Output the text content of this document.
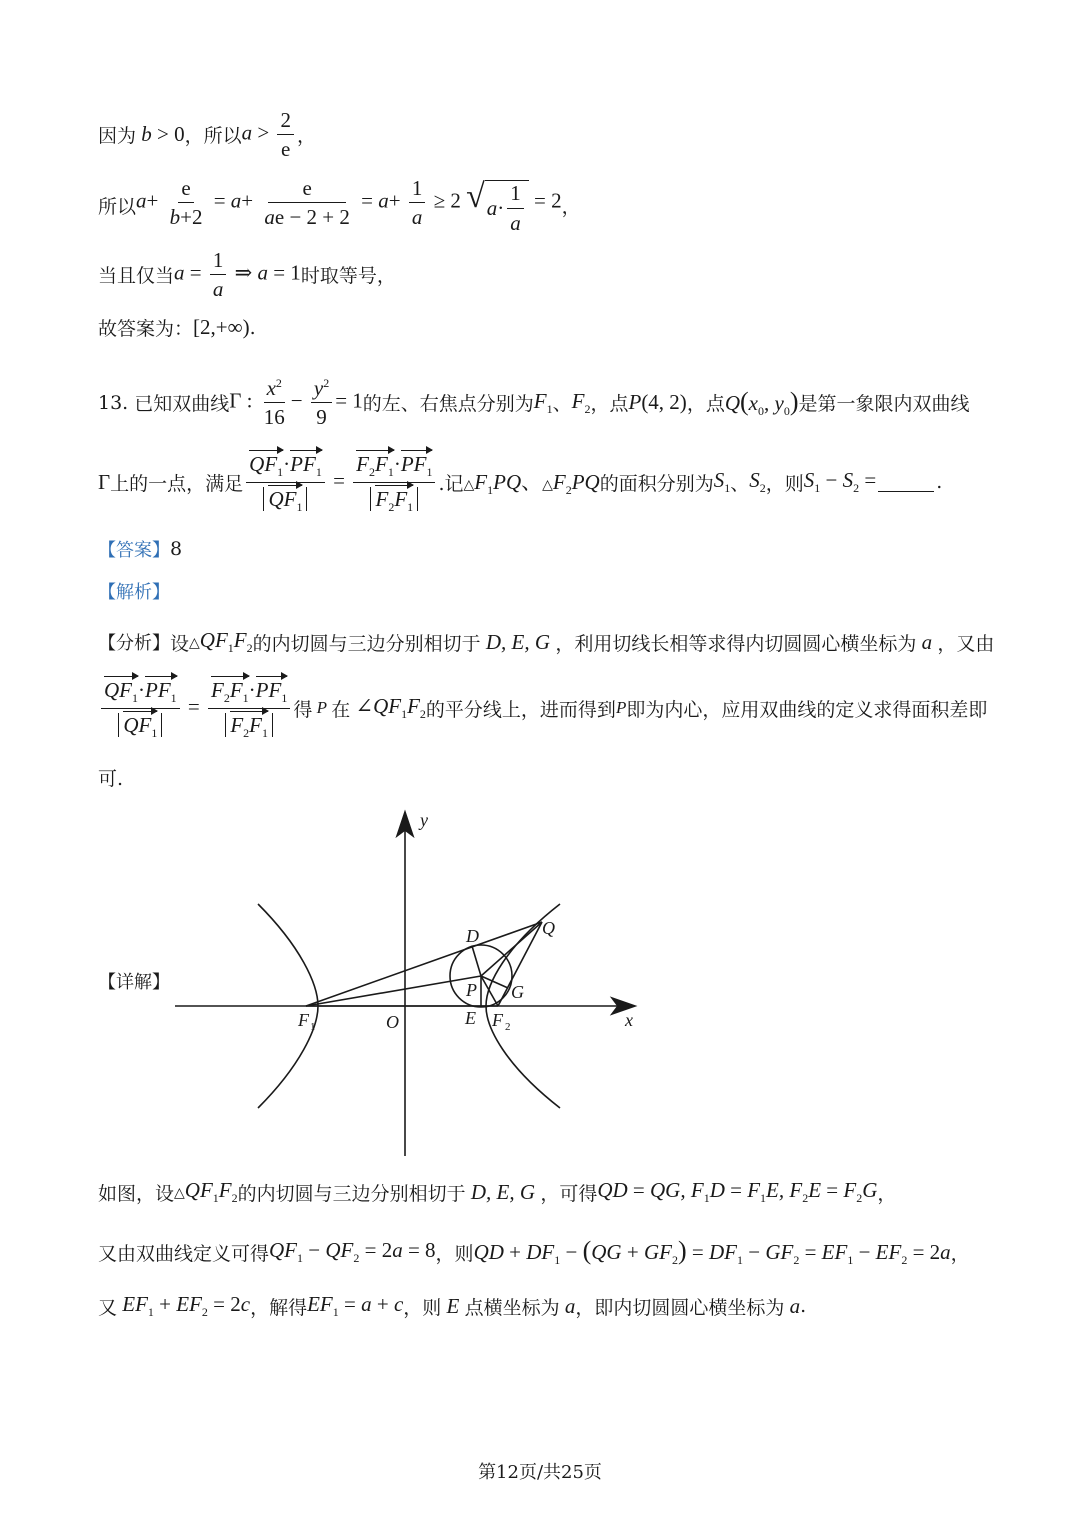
因为 b > 0 ，所以 $a > \frac{2}{e}$ ，
所以 $a+ \frac{e}{b+2} = a+ \frac{e}{ae - 2 + 2} = a+ \frac{1}{a} \ge 2$ √ $a \cdot \frac{1}{a} = 2$ ，
当且仅当 $a = \frac{1}{a}$ ⇒ a = 1 时取等号，
故答案为： [2,+∞) .
13.
已知双曲线 Γ : $\frac{x^2}{16} - \frac{y^2}{9} = 1$ 的左、右焦点分别为 $F_1$ 、 $F_2$ ，点 P(4, 2) ，点 $Q(x_0$, $y_0$) 是第一象限内双曲线
Γ 上的一点，满足 $\frac{QF_1\cdot PF_1}{QF_1} = \frac{F_2F_1\cdot PF_1}{F_2F_1}$ .记 $\triangle F_1PQ$、$\triangle F_2PQ$ 的面积分别为 $S_1$ 、 $S_2$ ，则 $S_1 - S_2$ =	.
【答案】 8
【解析】
【分析】 设 $\triangle QF_1F_2$ 的内切圆与三边分别相切于 D, E, G ，利用切线长相等求得内切圆圆心横坐标为 a ，又由
$\frac{QF_1\cdot PF_1}{QF_1} = \frac{F_2F_1\cdot PF_1}{F_2F_1}$ 得 P 在 $\angle QF_1F_2$ 的平分线上，进而得到 P 即为内心，应用双曲线的定义求得面积差即
可.
【详解】
y
x
O
D	Q
P G
E
F 1	F 2
如图，设 $\triangle QF_1F_2$ 的内切圆与三边分别相切于 D, E, G ，可得 QD = QG, $F_1D = F_1E$, $F_2E = F_2G$ ，
又由双曲线定义可得 $QF_1 - QF_2 = 2a = 8$ ，则 QD + $DF_1 - (QG + GF_2) = DF_1 - GF_2 = EF_1 - EF_2 = 2a$ ，
又 $EF_1 + EF_2 = 2c$ ，解得 $EF_1 = a + c$ ，则 E 点横坐标为 a ，即内切圆圆心横坐标为 a .
第12页/共25页
